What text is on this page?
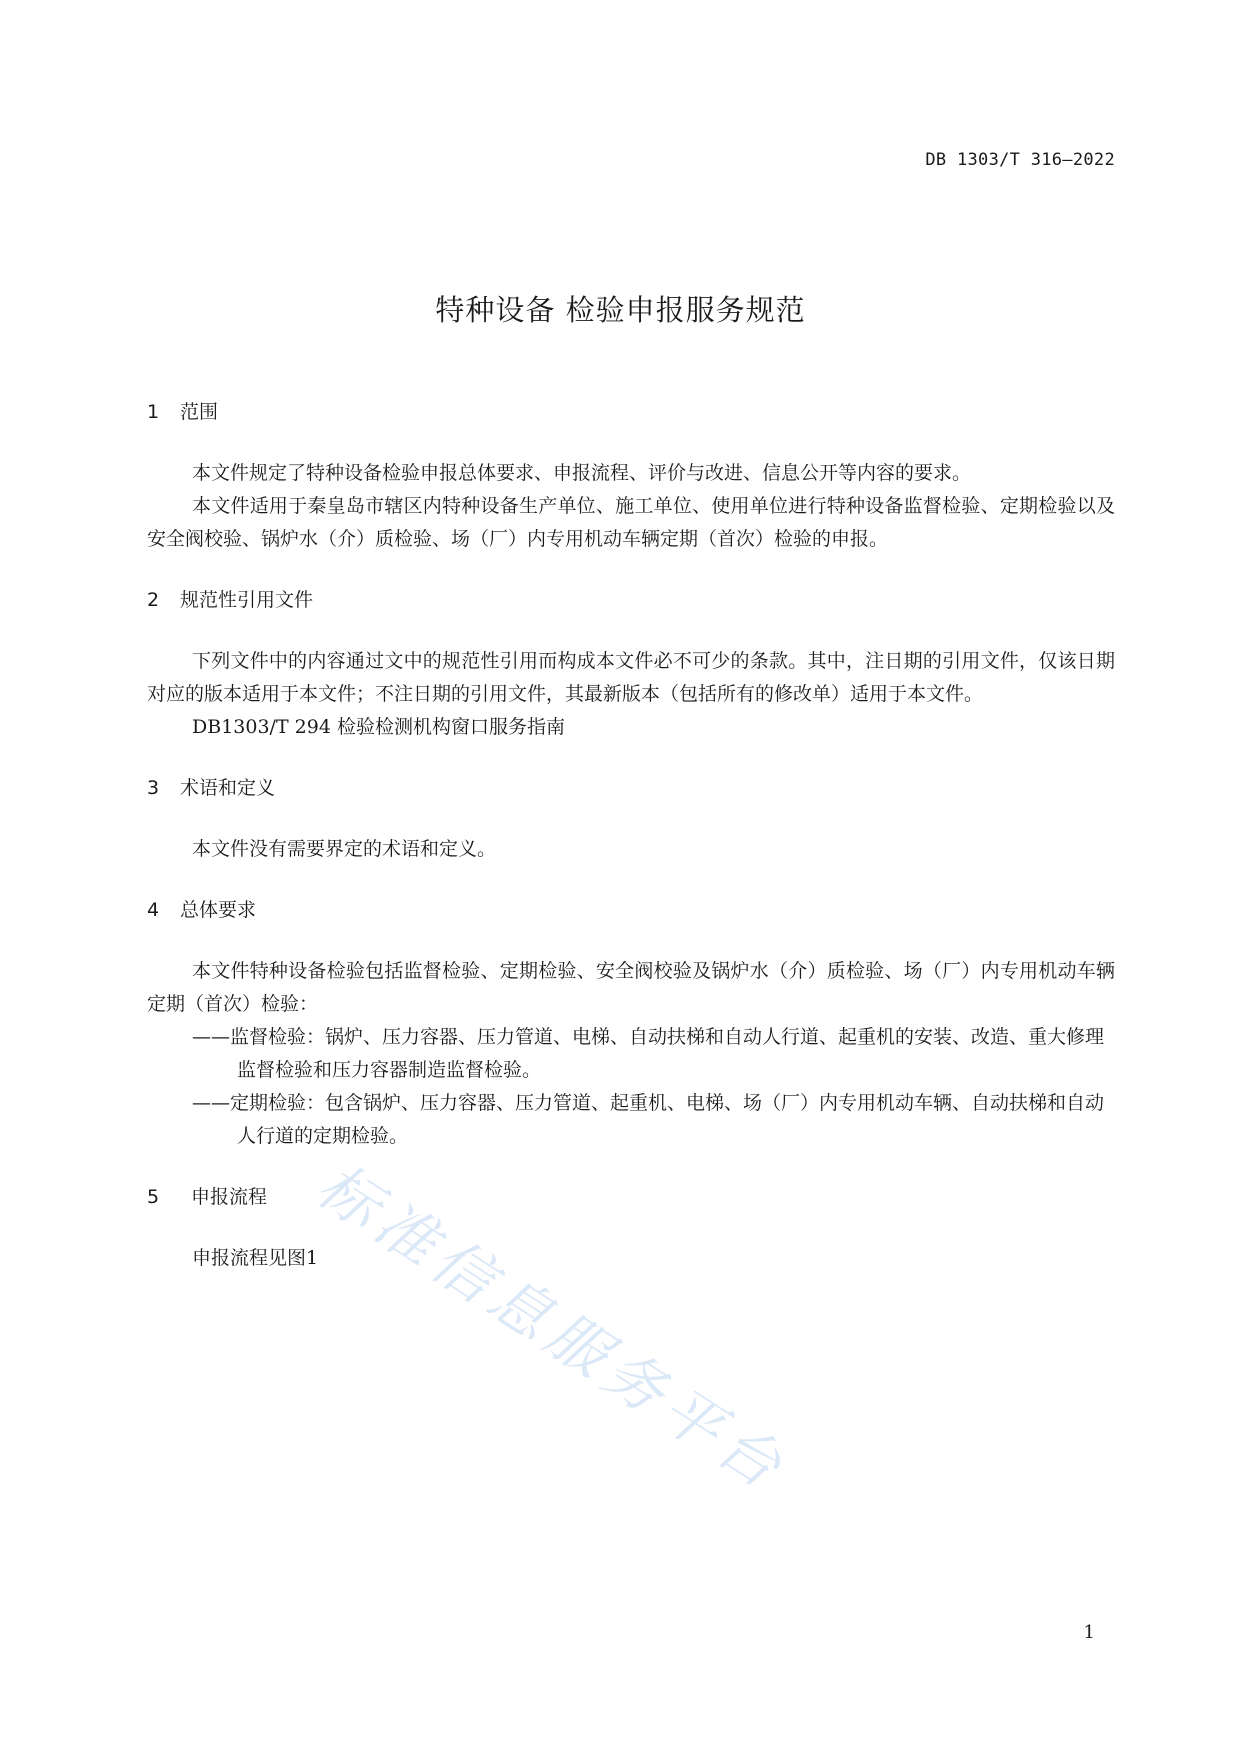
DB 1303/T 316—2022
特种设备 检验申报服务规范
1	范围
本文件规定了特种设备检验申报总体要求、申报流程、评价与改进、信息公开等内容的要求。
本文件适用于秦皇岛市辖区内特种设备生产单位、施工单位、使用单位进行特种设备监督检验、定期检验以及安全阀校验、锅炉水（介）质检验、场（厂）内专用机动车辆定期（首次）检验的申报。
2	规范性引用文件
下列文件中的内容通过文中的规范性引用而构成本文件必不可少的条款。其中，注日期的引用文件，仅该日期对应的版本适用于本文件；不注日期的引用文件，其最新版本（包括所有的修改单）适用于本文件。
DB1303/T 294 检验检测机构窗口服务指南
3	术语和定义
本文件没有需要界定的术语和定义。
4	总体要求
本文件特种设备检验包括监督检验、定期检验、安全阀校验及锅炉水（介）质检验、场（厂）内专用机动车辆定期（首次）检验：
——监督检验：锅炉、压力容器、压力管道、电梯、自动扶梯和自动人行道、起重机的安装、改造、重大修理监督检验和压力容器制造监督检验。
——定期检验：包含锅炉、压力容器、压力管道、起重机、电梯、场（厂）内专用机动车辆、自动扶梯和自动人行道的定期检验。
5	申报流程
申报流程见图1
标准信息服务平台
1
